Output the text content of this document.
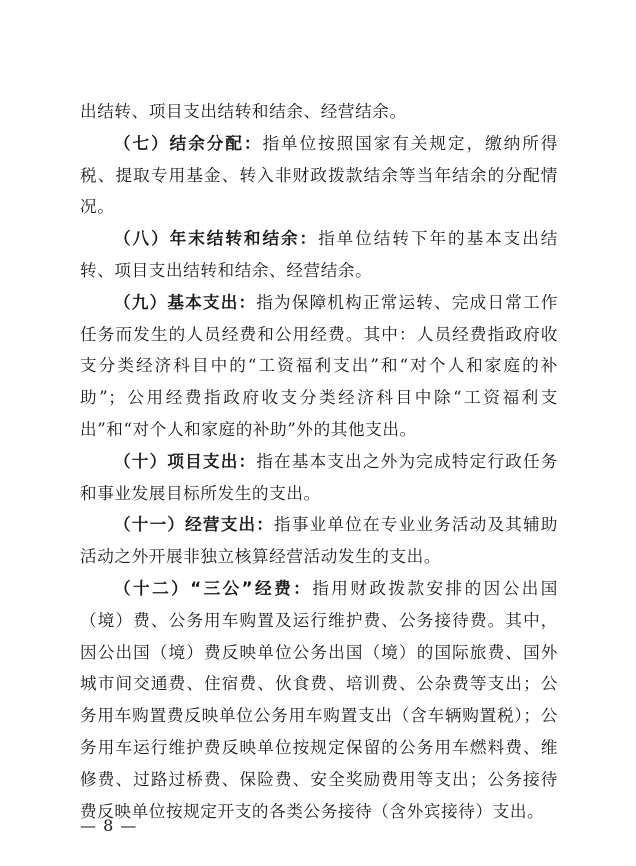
出结转、项目支出结转和结余、经营结余。

（七）结余分配：指单位按照国家有关规定，缴纳所得税、提取专用基金、转入非财政拨款结余等当年结余的分配情况。

（八）年末结转和结余：指单位结转下年的基本支出结转、项目支出结转和结余、经营结余。

（九）基本支出：指为保障机构正常运转、完成日常工作任务而发生的人员经费和公用经费。其中：人员经费指政府收支分类经济科目中的“工资福利支出”和“对个人和家庭的补助”；公用经费指政府收支分类经济科目中除“工资福利支出”和“对个人和家庭的补助”外的其他支出。

（十）项目支出：指在基本支出之外为完成特定行政任务和事业发展目标所发生的支出。

（十一）经营支出：指事业单位在专业业务活动及其辅助活动之外开展非独立核算经营活动发生的支出。

（十二）“三公”经费：指用财政拨款安排的因公出国（境）费、公务用车购置及运行维护费、公务接待费。其中，因公出国（境）费反映单位公务出国（境）的国际旅费、国外城市间交通费、住宿费、伙食费、培训费、公杂费等支出；公务用车购置费反映单位公务用车购置支出（含车辆购置税）；公务用车运行维护费反映单位按规定保留的公务用车燃料费、维修费、过路过桥费、保险费、安全奖励费用等支出；公务接待费反映单位按规定开支的各类公务接待（含外宾接待）支出。

— 8 —
